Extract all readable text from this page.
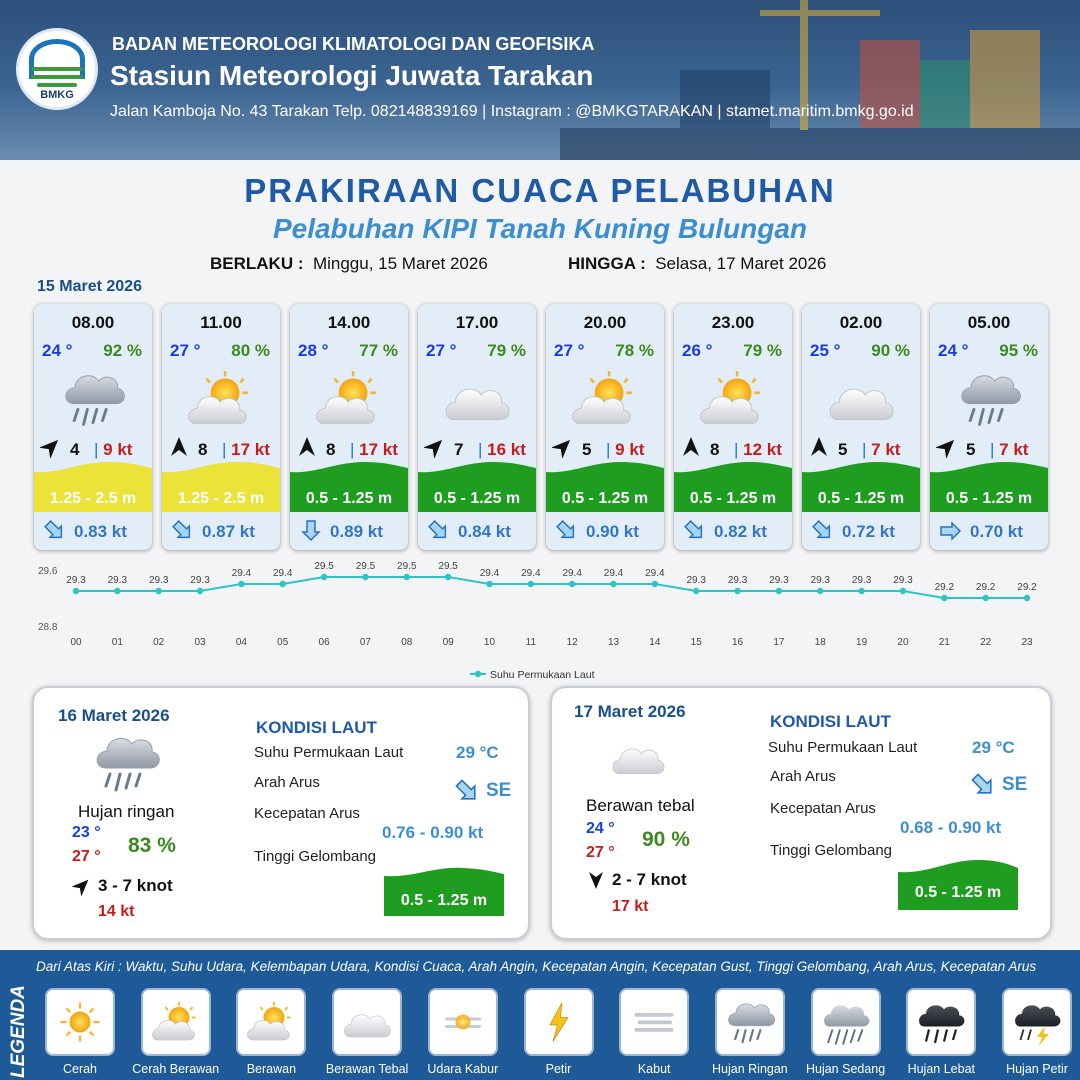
BMKG
BADAN METEOROLOGI KLIMATOLOGI DAN GEOFISIKA
Stasiun Meteorologi Juwata Tarakan
Jalan Kamboja No. 43 Tarakan Telp. 082148839169 | Instagram : @BMKGTARAKAN | stamet.maritim.bmkg.go.id
PRAKIRAAN CUACA PELABUHAN
Pelabuhan KIPI Tanah Kuning Bulungan
BERLAKU : Minggu, 15 Maret 2026	HINGGA : Selasa, 17 Maret 2026
15 Maret 2026
08.00
24 ° 92 %
4 | 9 kt
1.25 - 2.5 m
0.83 kt
11.00
27 ° 80 %
8 | 17 kt
1.25 - 2.5 m
0.87 kt
14.00
28 ° 77 %
8 | 17 kt
0.5 - 1.25 m
0.89 kt
17.00
27 ° 79 %
7 | 16 kt
0.5 - 1.25 m
0.84 kt
20.00
27 ° 78 %
5 | 9 kt
0.5 - 1.25 m
0.90 kt
23.00
26 ° 79 %
8 | 12 kt
0.5 - 1.25 m
0.82 kt
02.00
25 ° 90 %
5 | 7 kt
0.5 - 1.25 m
0.72 kt
05.00
24 ° 95 %
5 | 7 kt
0.5 - 1.25 m
0.70 kt
29.6
28.8
29.3
00
29.3
01
29.3
02
29.3
03
29.4
04
29.4
05
29.5
06
29.5
07
29.5
08
29.5
09
29.4
10
29.4
11
29.4
12
29.4
13
29.4
14
29.3
15
29.3
16
29.3
17
29.3
18
29.3
19
29.3
20
29.2
21
29.2
22
29.2
23
Suhu Permukaan Laut
16 Maret 2026
Hujan ringan
23 °
27 ° 83 %
3 - 7 knot
14 kt
KONDISI LAUT
Suhu Permukaan Laut	29 °C
Arah Arus	SE
Kecepatan Arus
0.76 - 0.90 kt
Tinggi Gelombang
0.5 - 1.25 m
17 Maret 2026
Berawan tebal
24 °
27 °
90 %
2 - 7 knot
17 kt
KONDISI LAUT
Suhu Permukaan Laut	29 °C
Arah Arus	SE
Kecepatan Arus
0.68 - 0.90 kt
Tinggi Gelombang
0.5 - 1.25 m
LEGENDA
Dari Atas Kiri : Waktu, Suhu Udara, Kelembapan Udara, Kondisi Cuaca, Arah Angin, Kecepatan Angin, Kecepatan Gust, Tinggi Gelombang, Arah Arus, Kecepatan Arus
Cerah	Cerah Berawan	Berawan	Berawan Tebal	Udara Kabur	Petir	Kabut	Hujan Ringan	Hujan Sedang	Hujan Lebat	Hujan Petir
